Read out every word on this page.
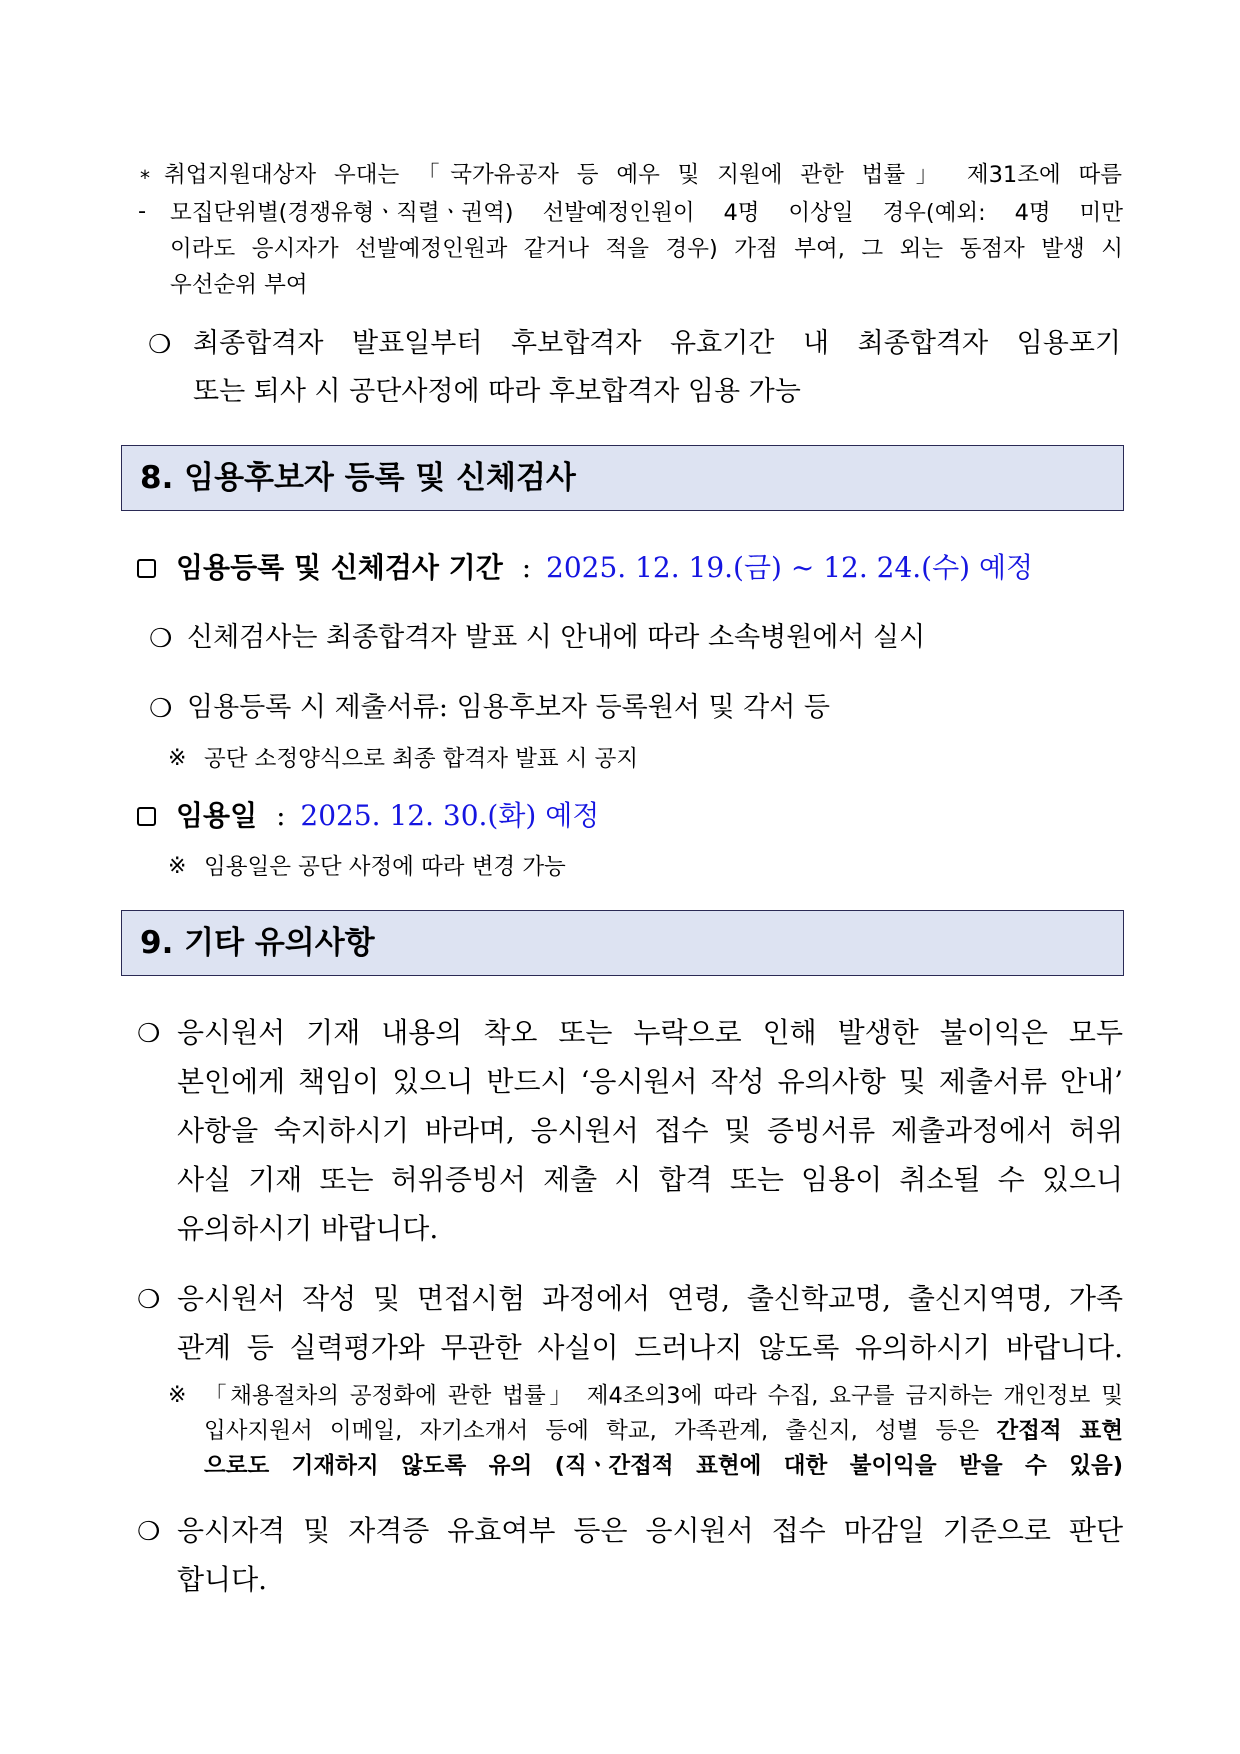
* 취업지원대상자 우대는 「국가유공자 등 예우 및 지원에 관한 법률」 제31조에 따름
- 모집단위별(경쟁유형ㆍ직렬ㆍ권역) 선발예정인원이 4명 이상일 경우(예외: 4명 미만
이라도 응시자가 선발예정인원과 같거나 적을 경우) 가점 부여, 그 외는 동점자 발생 시
우선순위 부여
❍ 최종합격자 발표일부터 후보합격자 유효기간 내 최종합격자 임용포기
또는 퇴사 시 공단사정에 따라 후보합격자 임용 가능
8. 임용후보자 등록 및 신체검사
임용등록 및 신체검사 기간 : 2025. 12. 19.(금) ~ 12. 24.(수) 예정
❍ 신체검사는 최종합격자 발표 시 안내에 따라 소속병원에서 실시
❍ 임용등록 시 제출서류: 임용후보자 등록원서 및 각서 등
※ 공단 소정양식으로 최종 합격자 발표 시 공지
임용일 : 2025. 12. 30.(화) 예정
※ 임용일은 공단 사정에 따라 변경 가능
9. 기타 유의사항
❍ 응시원서 기재 내용의 착오 또는 누락으로 인해 발생한 불이익은 모두
본인에게 책임이 있으니 반드시 ‘응시원서 작성 유의사항 및 제출서류 안내’
사항을 숙지하시기 바라며, 응시원서 접수 및 증빙서류 제출과정에서 허위
사실 기재 또는 허위증빙서 제출 시 합격 또는 임용이 취소될 수 있으니
유의하시기 바랍니다.
❍ 응시원서 작성 및 면접시험 과정에서 연령, 출신학교명, 출신지역명, 가족
관계 등 실력평가와 무관한 사실이 드러나지 않도록 유의하시기 바랍니다.
※ 「채용절차의 공정화에 관한 법률」 제4조의3에 따라 수집, 요구를 금지하는 개인정보 및
입사지원서 이메일, 자기소개서 등에 학교, 가족관계, 출신지, 성별 등은 간접적 표현
으로도 기재하지 않도록 유의 (직ㆍ간접적 표현에 대한 불이익을 받을 수 있음)
❍ 응시자격 및 자격증 유효여부 등은 응시원서 접수 마감일 기준으로 판단
합니다.
